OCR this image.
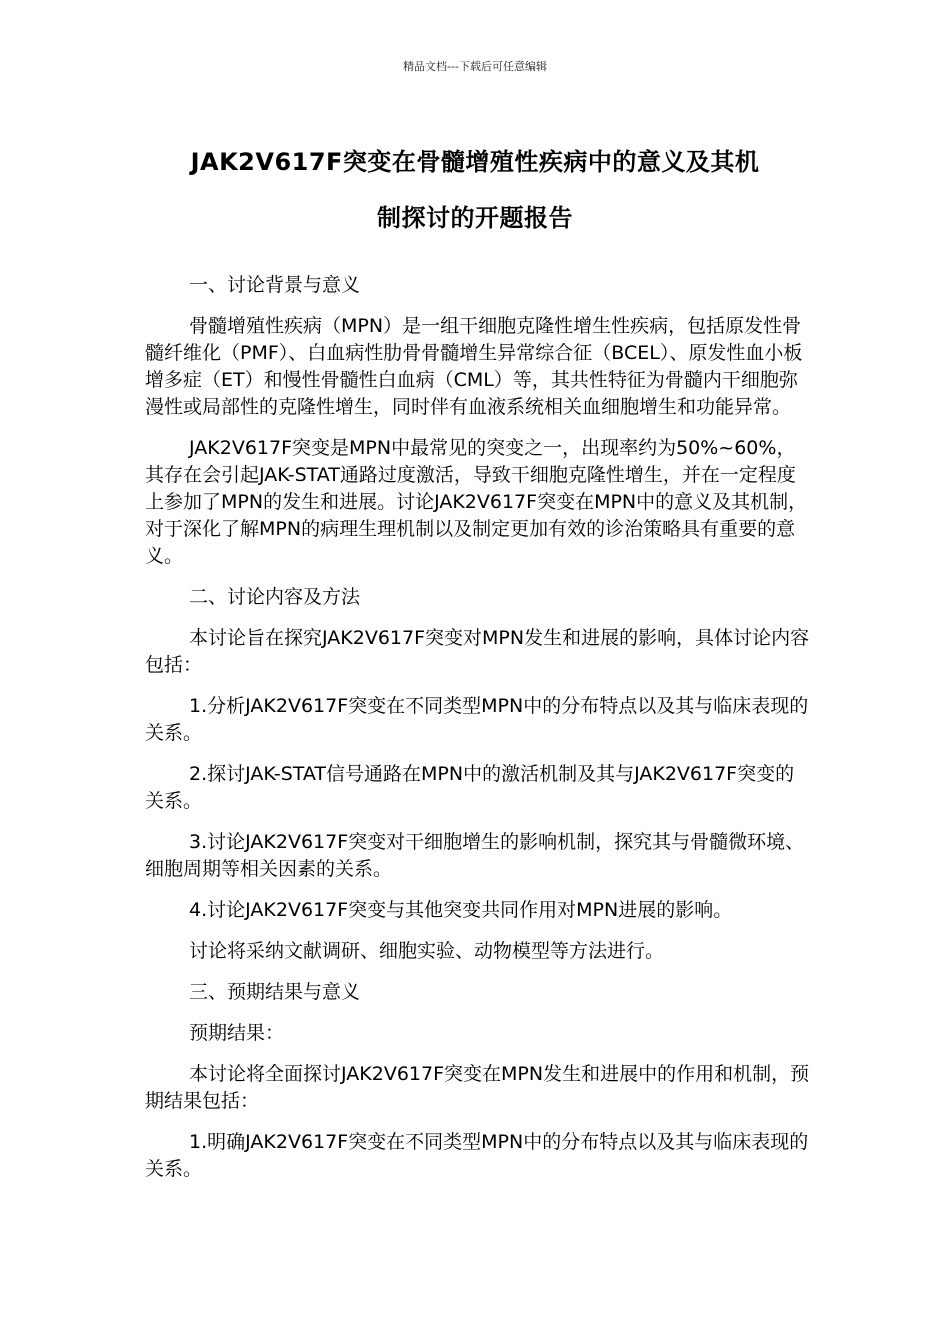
精品文档---下载后可任意编辑
JAK2V617F突变在骨髓增殖性疾病中的意义及其机
制探讨的开题报告

一、讨论背景与意义

骨髓增殖性疾病（MPN）是一组干细胞克隆性增生性疾病，包括原发性骨髓纤维化（PMF）、白血病性肋骨骨髓增生异常综合征（BCEL）、原发性血小板增多症（ET）和慢性骨髓性白血病（CML）等，其共性特征为骨髓内干细胞弥漫性或局部性的克隆性增生，同时伴有血液系统相关血细胞增生和功能异常。

JAK2V617F突变是MPN中最常见的突变之一，出现率约为50%~60%，其存在会引起JAK-STAT通路过度激活，导致干细胞克隆性增生，并在一定程度上参加了MPN的发生和进展。讨论JAK2V617F突变在MPN中的意义及其机制，对于深化了解MPN的病理生理机制以及制定更加有效的诊治策略具有重要的意义。

二、讨论内容及方法

本讨论旨在探究JAK2V617F突变对MPN发生和进展的影响，具体讨论内容包括：

1.分析JAK2V617F突变在不同类型MPN中的分布特点以及其与临床表现的关系。

2.探讨JAK-STAT信号通路在MPN中的激活机制及其与JAK2V617F突变的关系。

3.讨论JAK2V617F突变对干细胞增生的影响机制，探究其与骨髓微环境、细胞周期等相关因素的关系。

4.讨论JAK2V617F突变与其他突变共同作用对MPN进展的影响。

讨论将采纳文献调研、细胞实验、动物模型等方法进行。

三、预期结果与意义

预期结果：

本讨论将全面探讨JAK2V617F突变在MPN发生和进展中的作用和机制，预期结果包括：

1.明确JAK2V617F突变在不同类型MPN中的分布特点以及其与临床表现的关系。
